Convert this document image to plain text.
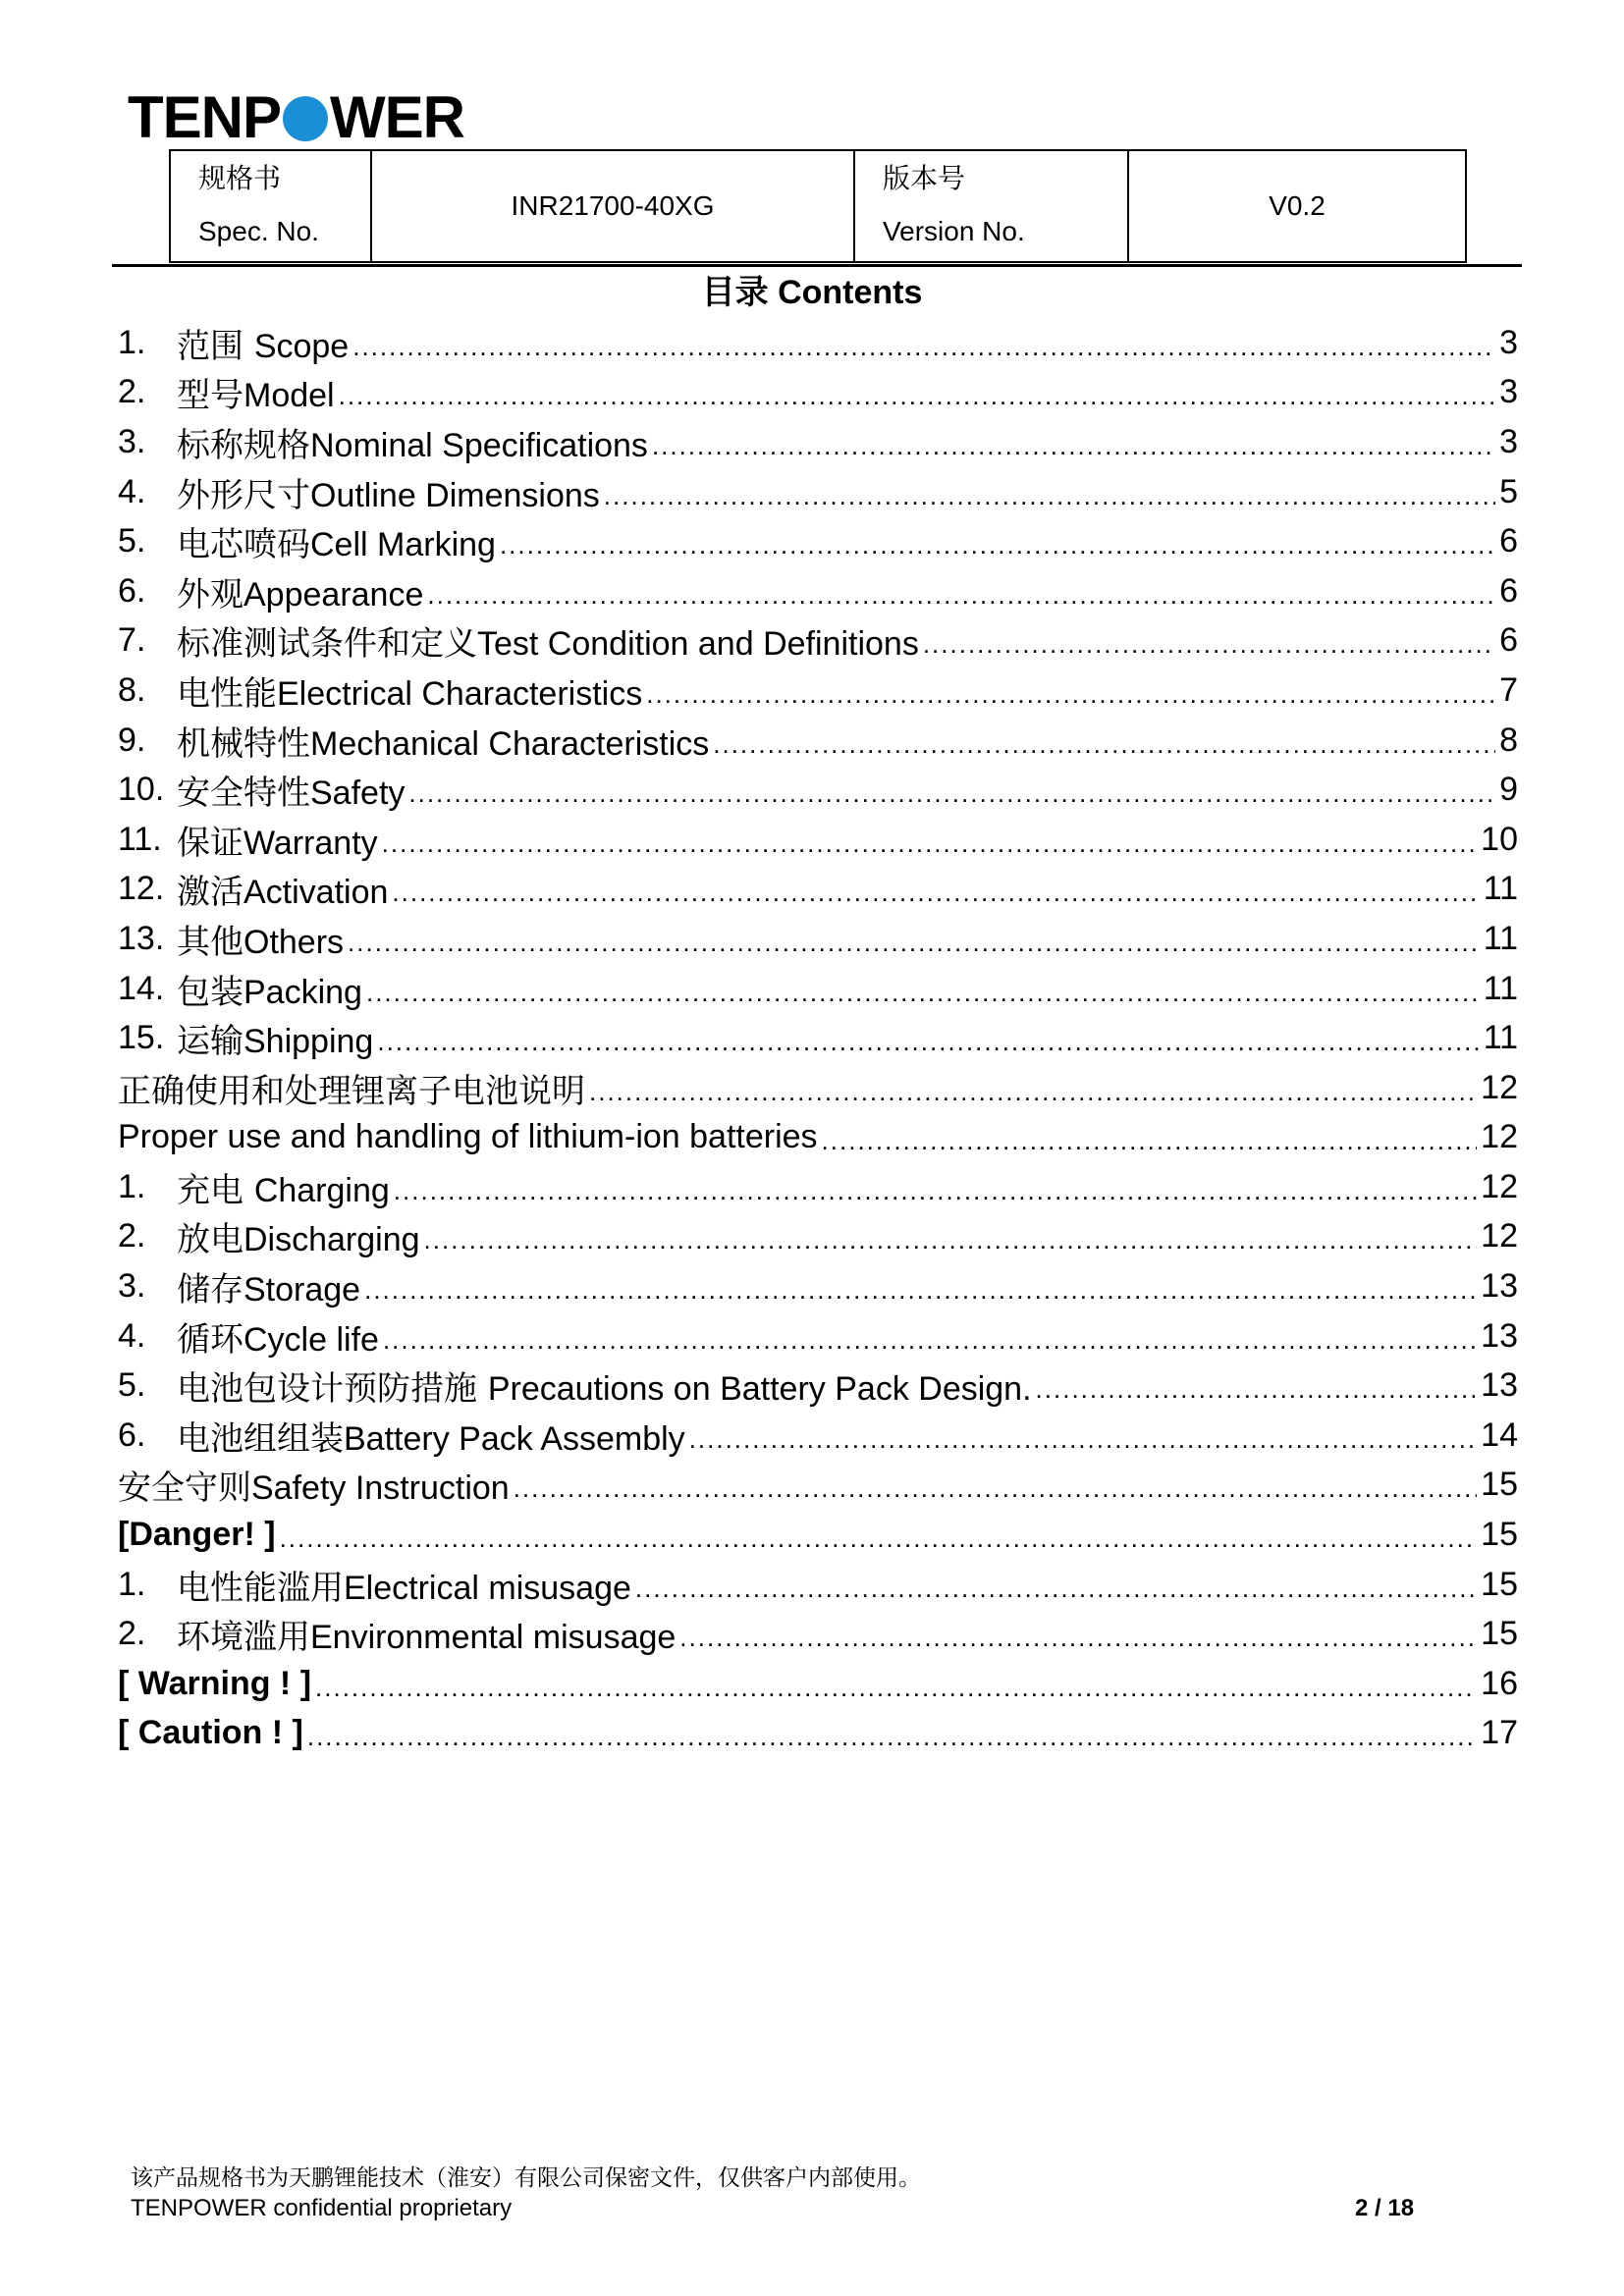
TENP WER
规格书
Spec. No.
	INR21700-40XG	
版本号
Version No.
	V0.2
目录 Contents
1. 范围 Scope .....	3
2. 型号Model .....	3
3. 标称规格Nominal Specifications .....	3
4. 外形尺寸Outline Dimensions .....	5
5. 电芯喷码Cell Marking .....	6
6. 外观Appearance .....	6
7. 标准测试条件和定义Test Condition and Definitions .....	6
8. 电性能Electrical Characteristics .....	7
9. 机械特性Mechanical Characteristics .....	8
10. 安全特性Safety .....	9
11. 保证Warranty .....	10
12. 激活Activation .....	11
13. 其他Others .....	11
14. 包装Packing .....	11
15. 运输Shipping .....	11
正确使用和处理锂离子电池说明 .....	12
Proper use and handling of lithium-ion batteries .....	12
1. 充电 Charging .....	12
2. 放电Discharging .....	12
3. 储存Storage .....	13
4. 循环Cycle life .....	13
5. 电池包设计预防措施 Precautions on Battery Pack Design. .....	13
6. 电池组组装Battery Pack Assembly .....	14
安全守则Safety Instruction .....	15
[Danger! ] .....	15
1. 电性能滥用Electrical misusage .....	15
2. 环境滥用Environmental misusage .....	15
[ Warning ! ] .....	16
[ Caution ! ] .....	17
该产品规格书为天鹏锂能技术（淮安）有限公司保密文件，仅供客户内部使用。
TENPOWER confidential proprietary	2 / 18
